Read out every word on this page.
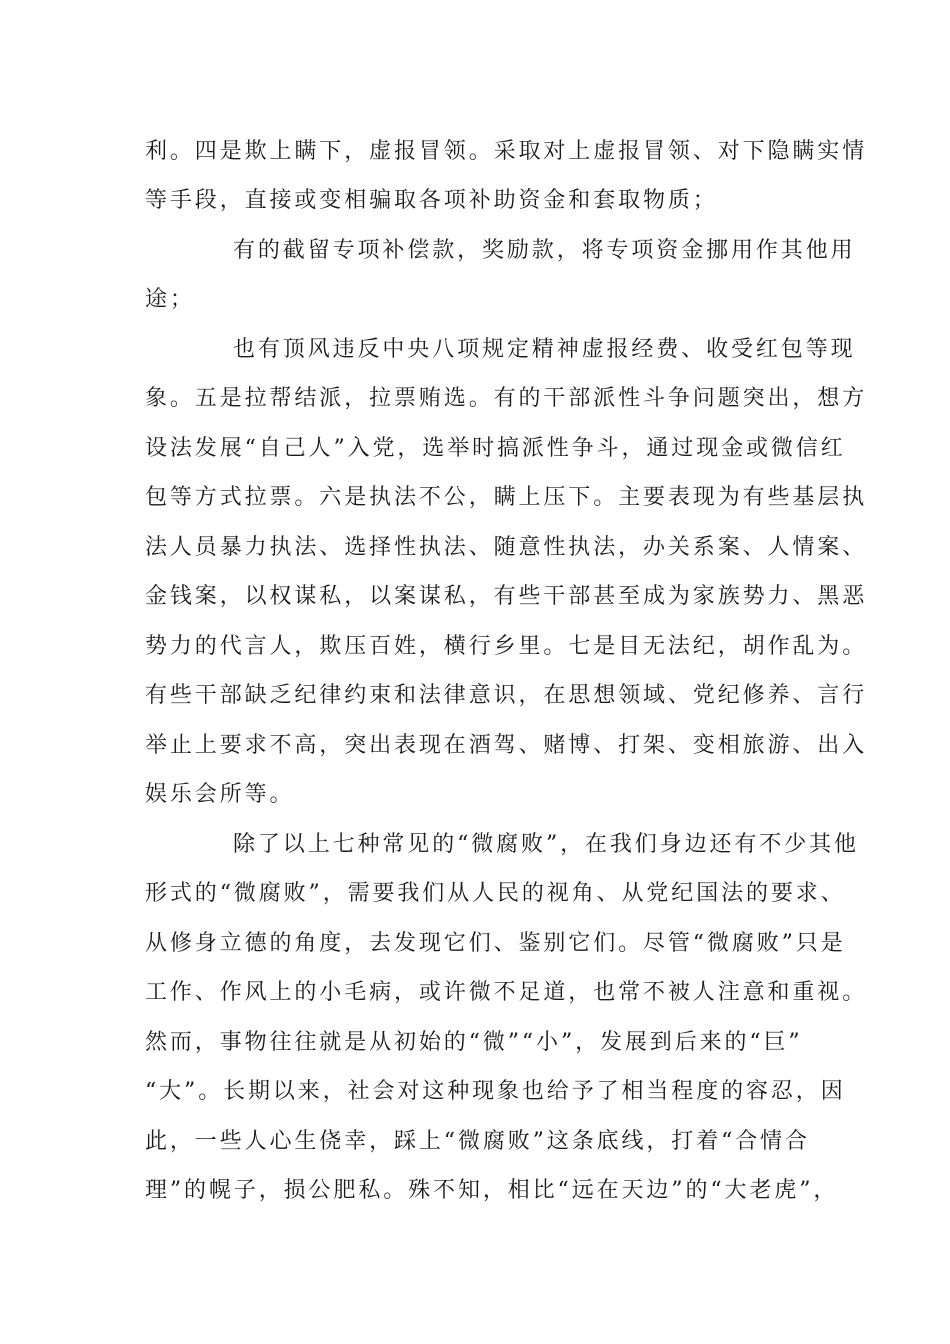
利。四是欺上瞒下，虚报冒领。采取对上虚报冒领、对下隐瞒实情
等手段，直接或变相骗取各项补助资金和套取物质；
有的截留专项补偿款，奖励款，将专项资金挪用作其他用
途；
也有顶风违反中央八项规定精神虚报经费、收受红包等现
象。五是拉帮结派，拉票贿选。有的干部派性斗争问题突出，想方
设法发展“自己人”入党，选举时搞派性争斗，通过现金或微信红
包等方式拉票。六是执法不公，瞒上压下。主要表现为有些基层执
法人员暴力执法、选择性执法、随意性执法，办关系案、人情案、
金钱案，以权谋私，以案谋私，有些干部甚至成为家族势力、黑恶
势力的代言人，欺压百姓，横行乡里。七是目无法纪，胡作乱为。
有些干部缺乏纪律约束和法律意识，在思想领域、党纪修养、言行
举止上要求不高，突出表现在酒驾、赌博、打架、变相旅游、出入
娱乐会所等。
除了以上七种常见的“微腐败”，在我们身边还有不少其他
形式的“微腐败”，需要我们从人民的视角、从党纪国法的要求、
从修身立德的角度，去发现它们、鉴别它们。尽管“微腐败”只是
工作、作风上的小毛病，或许微不足道，也常不被人注意和重视。
然而，事物往往就是从初始的“微”“小”，发展到后来的“巨”
“大”。长期以来，社会对这种现象也给予了相当程度的容忍，因
此，一些人心生侥幸，踩上“微腐败”这条底线，打着“合情合
理”的幌子，损公肥私。殊不知，相比“远在天边”的“大老虎”，
